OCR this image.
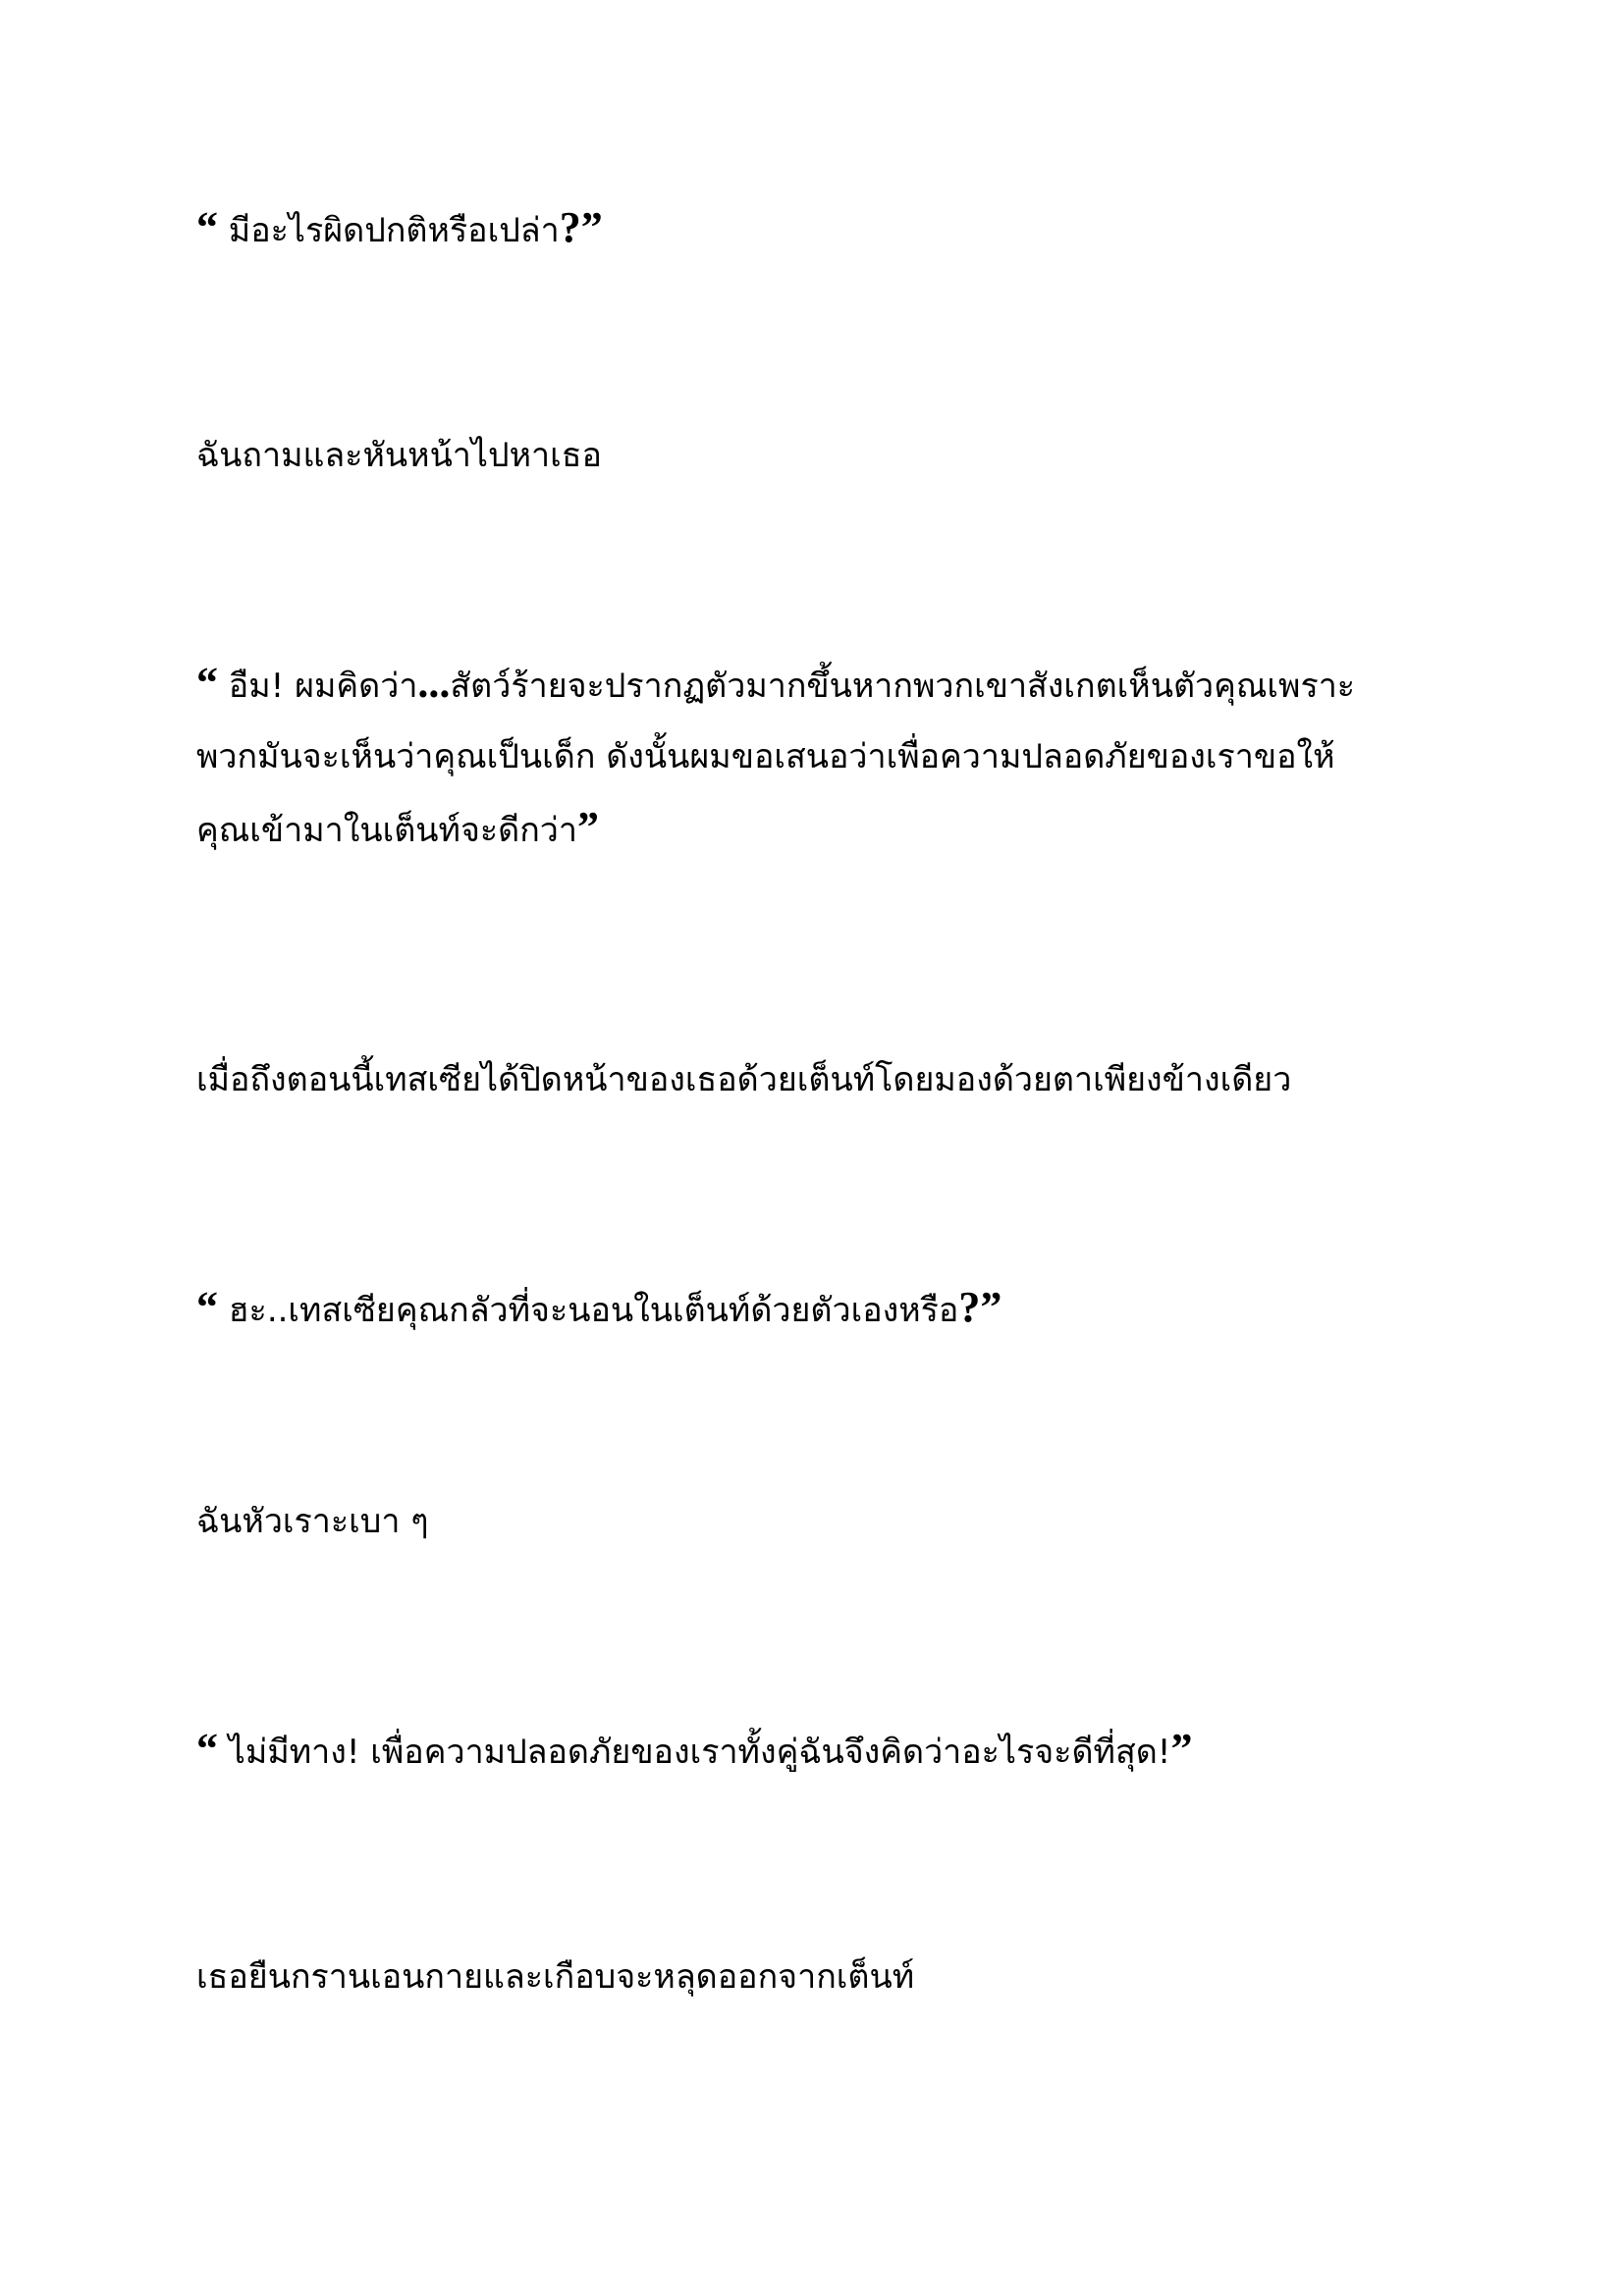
“ มีอะไรผิดปกติหรือเปล่า?”
ฉันถามและหันหน้าไปหาเธอ
“ อืม! ผมคิดว่า...สัตว์ร้ายจะปรากฏตัวมากขึ้นหากพวกเขาสังเกตเห็นตัวคุณเพราะ
พวกมันจะเห็นว่าคุณเป็นเด็ก ดังนั้นผมขอเสนอว่าเพื่อความปลอดภัยของเราขอให้
คุณเข้ามาในเต็นท์จะดีกว่า”
เมื่อถึงตอนนี้เทสเซียได้ปิดหน้าของเธอด้วยเต็นท์โดยมองด้วยตาเพียงข้างเดียว
“ ฮะ..เทสเซียคุณกลัวที่จะนอนในเต็นท์ด้วยตัวเองหรือ?”
ฉันหัวเราะเบา ๆ
“ ไม่มีทาง! เพื่อความปลอดภัยของเราทั้งคู่ฉันจึงคิดว่าอะไรจะดีที่สุด!”
เธอยืนกรานเอนกายและเกือบจะหลุดออกจากเต็นท์
